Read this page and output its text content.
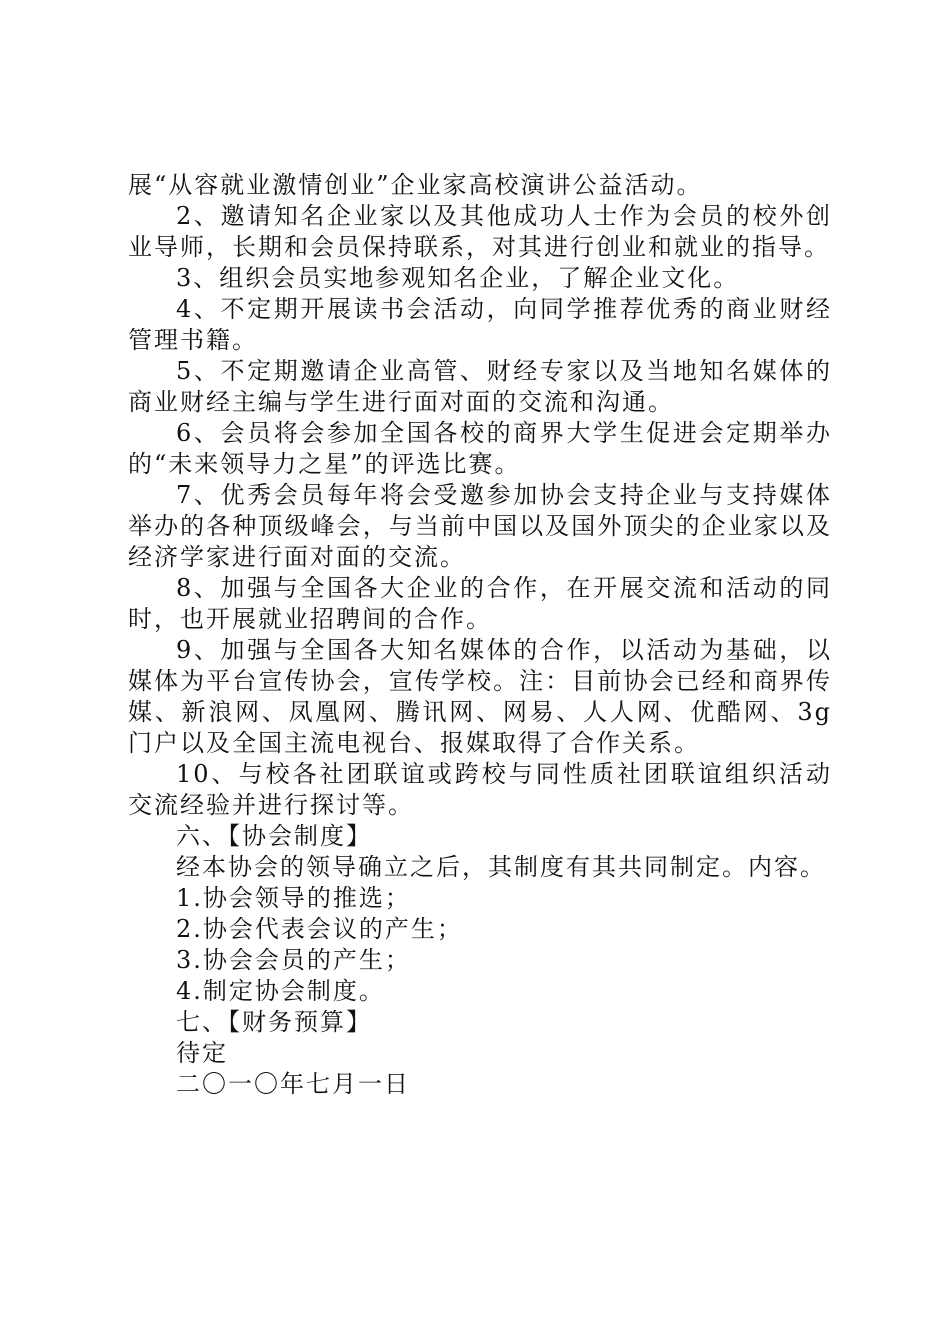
展“从容就业激情创业”企业家高校演讲公益活动。

2、邀请知名企业家以及其他成功人士作为会员的校外创业导师，长期和会员保持联系，对其进行创业和就业的指导。

3、组织会员实地参观知名企业，了解企业文化。

4、不定期开展读书会活动，向同学推荐优秀的商业财经管理书籍。

5、不定期邀请企业高管、财经专家以及当地知名媒体的商业财经主编与学生进行面对面的交流和沟通。

6、会员将会参加全国各校的商界大学生促进会定期举办的“未来领导力之星”的评选比赛。

7、优秀会员每年将会受邀参加协会支持企业与支持媒体举办的各种顶级峰会，与当前中国以及国外顶尖的企业家以及经济学家进行面对面的交流。

8、加强与全国各大企业的合作，在开展交流和活动的同时，也开展就业招聘间的合作。

9、加强与全国各大知名媒体的合作，以活动为基础，以媒体为平台宣传协会，宣传学校。注：目前协会已经和商界传媒、新浪网、凤凰网、腾讯网、网易、人人网、优酷网、3g门户以及全国主流电视台、报媒取得了合作关系。

10、与校各社团联谊或跨校与同性质社团联谊组织活动交流经验并进行探讨等。

六、【协会制度】

经本协会的领导确立之后，其制度有其共同制定。内容。

1.协会领导的推选；

2.协会代表会议的产生；

3.协会会员的产生；

4.制定协会制度。

七、【财务预算】

待定

二〇一〇年七月一日
